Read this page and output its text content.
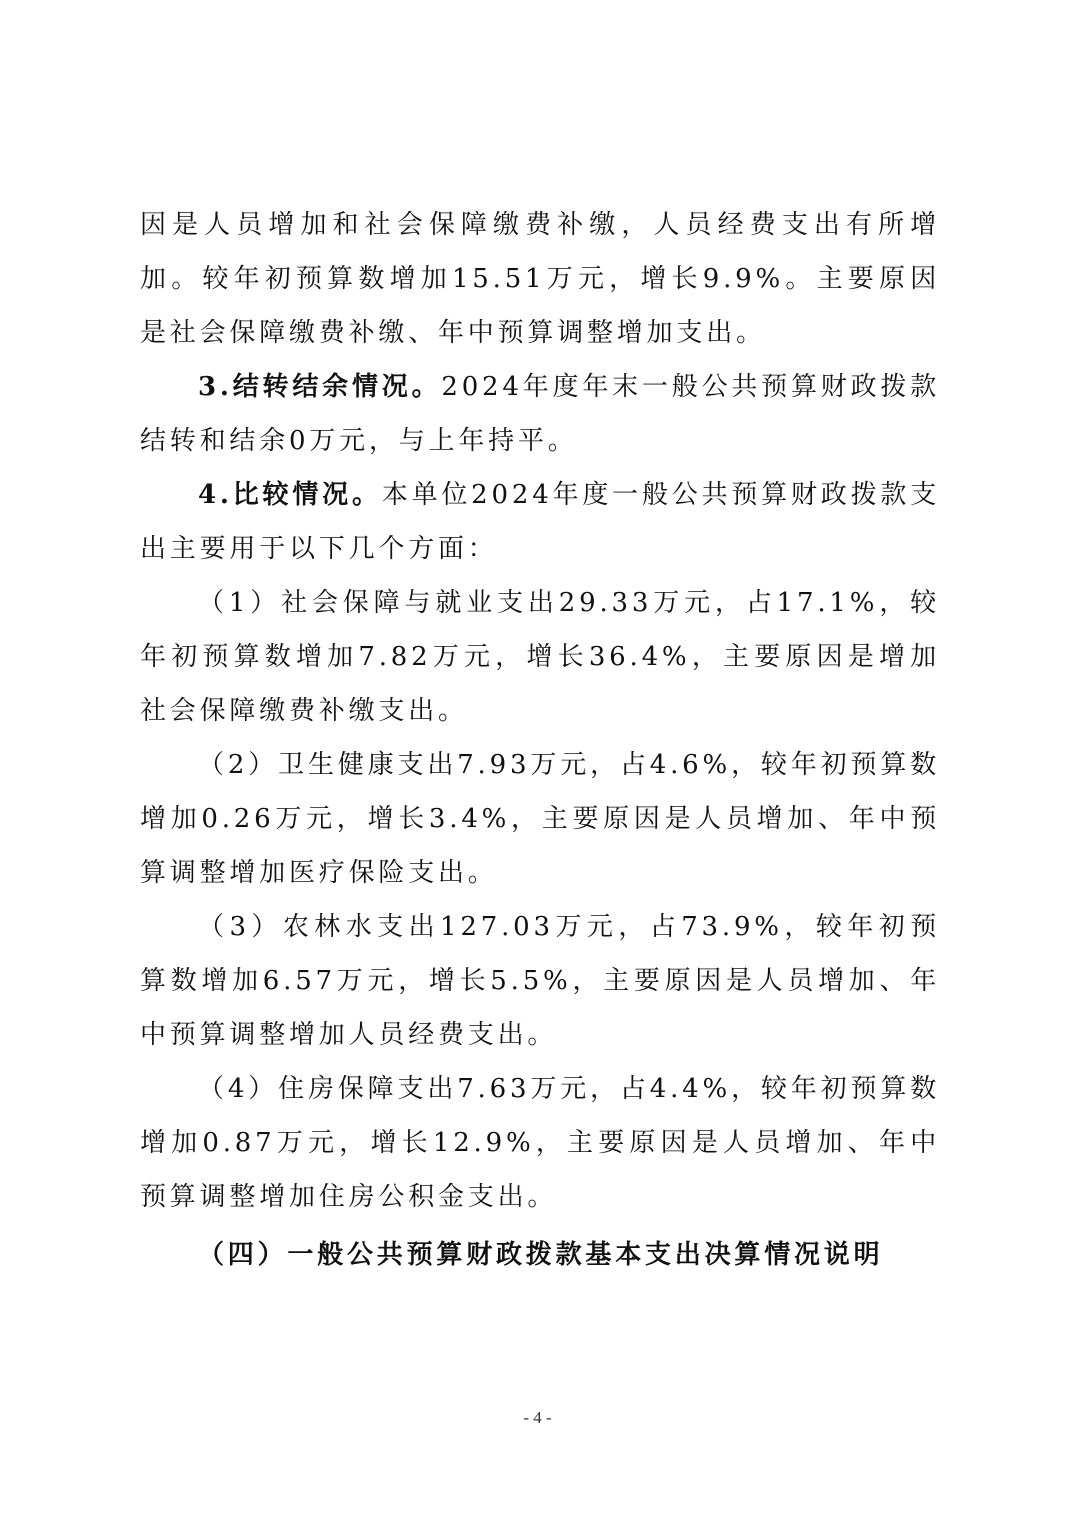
因是人员增加和社会保障缴费补缴，人员经费支出有所增加。较年初预算数增加15.51万元，增长9.9%。主要原因是社会保障缴费补缴、年中预算调整增加支出。

3.结转结余情况。2024年度年末一般公共预算财政拨款结转和结余0万元，与上年持平。

4.比较情况。本单位2024年度一般公共预算财政拨款支出主要用于以下几个方面：

（1）社会保障与就业支出29.33万元，占17.1%，较年初预算数增加7.82万元，增长36.4%，主要原因是增加社会保障缴费补缴支出。

（2）卫生健康支出7.93万元，占4.6%，较年初预算数增加0.26万元，增长3.4%，主要原因是人员增加、年中预算调整增加医疗保险支出。

（3）农林水支出127.03万元，占73.9%，较年初预算数增加6.57万元，增长5.5%，主要原因是人员增加、年中预算调整增加人员经费支出。

（4）住房保障支出7.63万元，占4.4%，较年初预算数增加0.87万元，增长12.9%，主要原因是人员增加、年中预算调整增加住房公积金支出。

（四）一般公共预算财政拨款基本支出决算情况说明

- 4 -
